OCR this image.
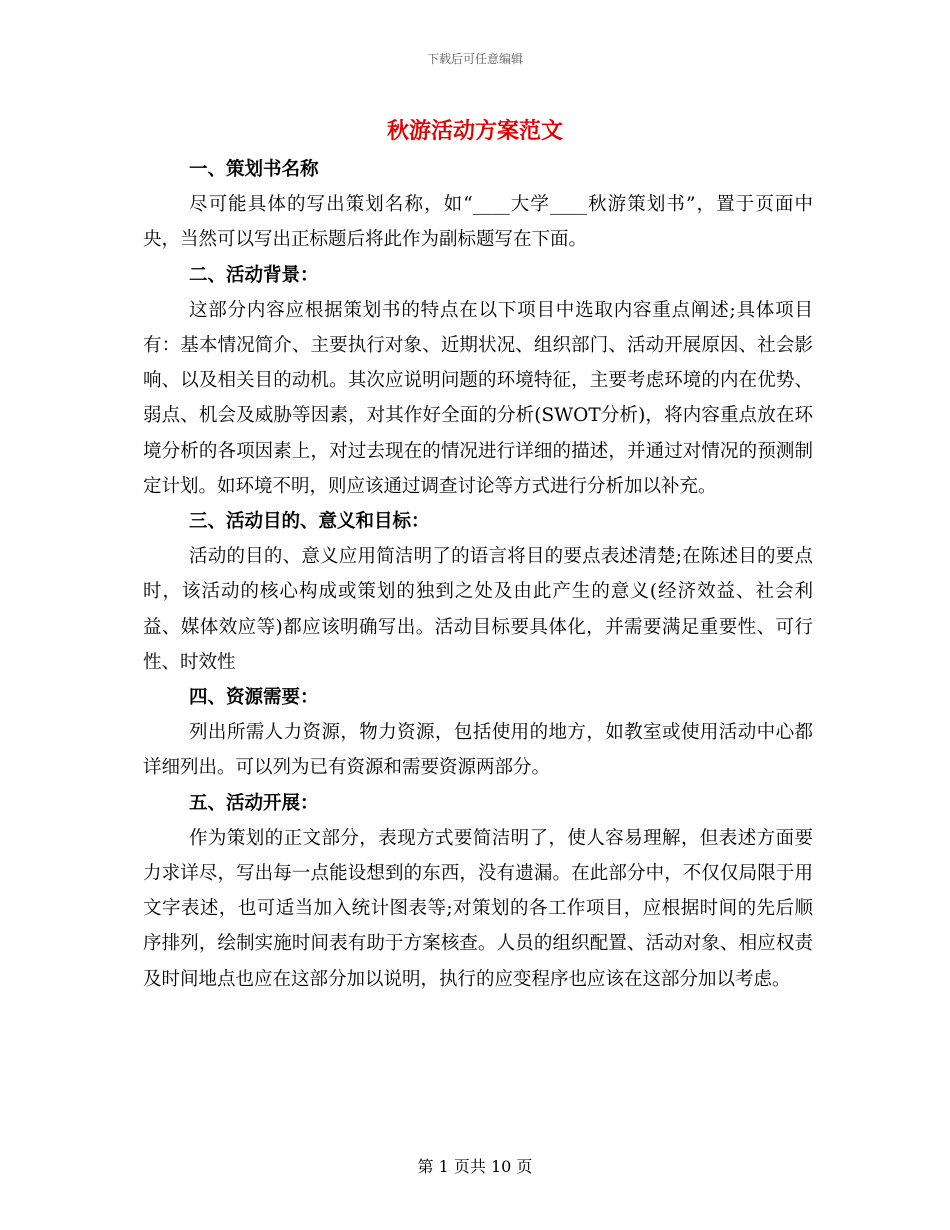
下载后可任意编辑
秋游活动方案范文
一、策划书名称
尽可能具体的写出策划名称，如“____大学____秋游策划书”，置于页面中央，当然可以写出正标题后将此作为副标题写在下面。
二、活动背景：
这部分内容应根据策划书的特点在以下项目中选取内容重点阐述;具体项目有：基本情况简介、主要执行对象、近期状况、组织部门、活动开展原因、社会影响、以及相关目的动机。其次应说明问题的环境特征，主要考虑环境的内在优势、弱点、机会及威胁等因素，对其作好全面的分析(SWOT分析)，将内容重点放在环境分析的各项因素上，对过去现在的情况进行详细的描述，并通过对情况的预测制定计划。如环境不明，则应该通过调查讨论等方式进行分析加以补充。
三、活动目的、意义和目标：
活动的目的、意义应用简洁明了的语言将目的要点表述清楚;在陈述目的要点时，该活动的核心构成或策划的独到之处及由此产生的意义(经济效益、社会利益、媒体效应等)都应该明确写出。活动目标要具体化，并需要满足重要性、可行性、时效性
四、资源需要：
列出所需人力资源，物力资源，包括使用的地方，如教室或使用活动中心都详细列出。可以列为已有资源和需要资源两部分。
五、活动开展：
作为策划的正文部分，表现方式要简洁明了，使人容易理解，但表述方面要力求详尽，写出每一点能设想到的东西，没有遗漏。在此部分中，不仅仅局限于用文字表述，也可适当加入统计图表等;对策划的各工作项目，应根据时间的先后顺序排列，绘制实施时间表有助于方案核查。人员的组织配置、活动对象、相应权责及时间地点也应在这部分加以说明，执行的应变程序也应该在这部分加以考虑。
第 1 页共 10 页
